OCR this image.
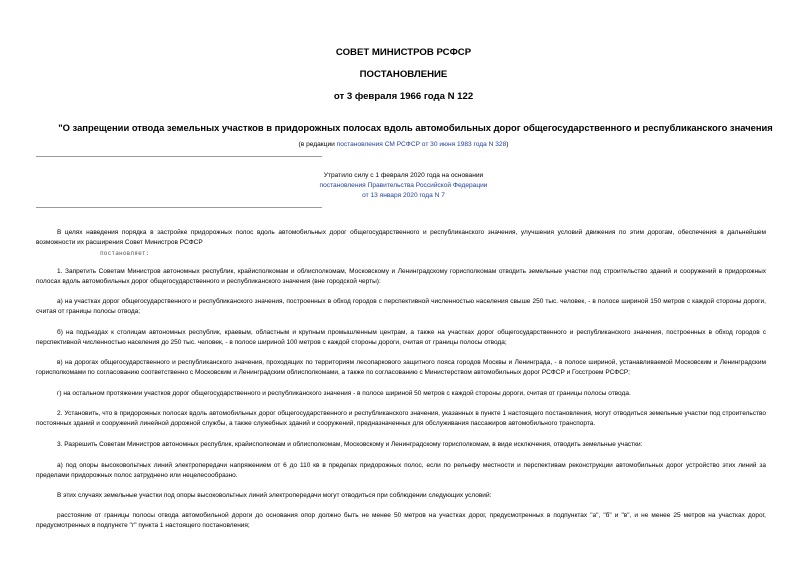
СОВЕТ МИНИСТРОВ РСФСР
ПОСТАНОВЛЕНИЕ
от 3 февраля 1966 года N 122
"О запрещении отвода земельных участков в придорожных полосах вдоль автомобильных дорог общегосударственного и республиканского значения
(в редакции постановления СМ РСФСР от 30 июня 1983 года N 328)
Утратило силу с 1 февраля 2020 года на основании
постановления Правительства Российской Федерации
от 13 января 2020 года N 7
В целях наведения порядка в застройке придорожных полос вдоль автомобильных дорог общегосударственного и республиканского значения, улучшения условий движения по этим дорогам, обеспечения в дальнейшем возможности их расширения Совет Министров РСФСР
постановляет:
1. Запретить Советам Министров автономных республик, крайисполкомам и облисполкомам, Московскому и Ленинградскому горисполкомам отводить земельные участки под строительство зданий и сооружений в придорожных полосах вдоль автомобильных дорог общегосударственного и республиканского значения (вне городской черты):
а) на участках дорог общегосударственного и республиканского значения, построенных в обход городов с перспективной численностью населения свыше 250 тыс. человек, - в полосе шириной 150 метров с каждой стороны дороги, считая от границы полосы отвода;
б) на подъездах к столицам автономных республик, краевым, областным и крупным промышленным центрам, а также на участках дорог общегосударственного и республиканского значения, построенных в обход городов с перспективной численностью населения до 250 тыс. человек, - в полосе шириной 100 метров с каждой стороны дороги, считая от границы полосы отвода;
в) на дорогах общегосударственного и республиканского значения, проходящих по территориям лесопаркового защитного пояса городов Москвы и Ленинграда, - в полосе шириной, устанавливаемой Московским и Ленинградским горисполкомами по согласованию соответственно с Московским и Ленинградским облисполкомами, а также по согласованию с Министерством автомобильных дорог РСФСР и Госстроем РСФСР;
г) на остальном протяжении участков дорог общегосударственного и республиканского значения - в полосе шириной 50 метров с каждой стороны дороги, считая от границы полосы отвода.
2. Установить, что в придорожных полосах вдоль автомобильных дорог общегосударственного и республиканского значения, указанных в пункте 1 настоящего постановления, могут отводиться земельные участки под строительство постоянных зданий и сооружений линейной дорожной службы, а также служебных зданий и сооружений, предназначенных для обслуживания пассажиров автомобильного транспорта.
3. Разрешить Советам Министров автономных республик, крайисполкомам и облисполкомам, Московскому и Ленинградскому горисполкомам, в виде исключения, отводить земельные участки:
а) под опоры высоковольтных линий электропередачи напряжением от 6 до 110 кв в пределах придорожных полос, если по рельефу местности и перспективам реконструкции автомобильных дорог устройство этих линий за пределами придорожных полос затруднено или нецелесообразно.
В этих случаях земельные участки под опоры высоковольтных линий электропередачи могут отводиться при соблюдении следующих условий:
расстояние от границы полосы отвода автомобильной дороги до основания опор должно быть не менее 50 метров на участках дорог, предусмотренных в подпунктах "а", "б" и "в", и не менее 25 метров на участках дорог, предусмотренных в подпункте "г" пункта 1 настоящего постановления;
